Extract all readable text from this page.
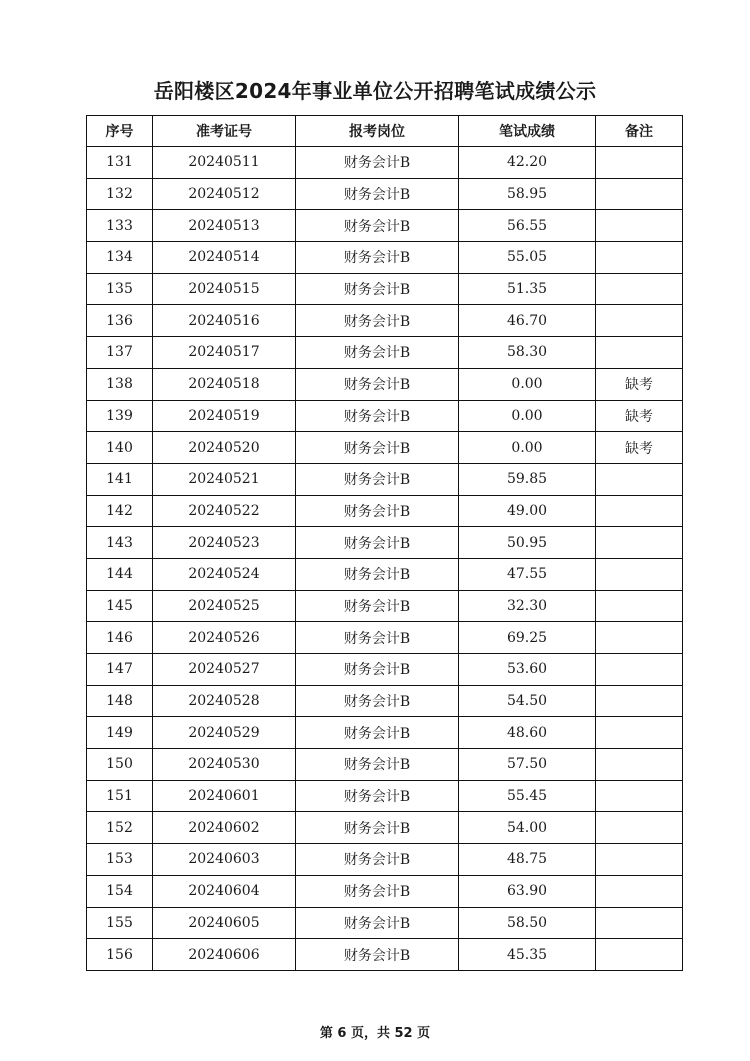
岳阳楼区2024年事业单位公开招聘笔试成绩公示
序号	准考证号	报考岗位	笔试成绩	备注
131	20240511	财务会计B	42.20	
132	20240512	财务会计B	58.95	
133	20240513	财务会计B	56.55	
134	20240514	财务会计B	55.05	
135	20240515	财务会计B	51.35	
136	20240516	财务会计B	46.70	
137	20240517	财务会计B	58.30	
138	20240518	财务会计B	0.00	缺考
139	20240519	财务会计B	0.00	缺考
140	20240520	财务会计B	0.00	缺考
141	20240521	财务会计B	59.85	
142	20240522	财务会计B	49.00	
143	20240523	财务会计B	50.95	
144	20240524	财务会计B	47.55	
145	20240525	财务会计B	32.30	
146	20240526	财务会计B	69.25	
147	20240527	财务会计B	53.60	
148	20240528	财务会计B	54.50	
149	20240529	财务会计B	48.60	
150	20240530	财务会计B	57.50	
151	20240601	财务会计B	55.45	
152	20240602	财务会计B	54.00	
153	20240603	财务会计B	48.75	
154	20240604	财务会计B	63.90	
155	20240605	财务会计B	58.50	
156	20240606	财务会计B	45.35	
第 6 页，共 52 页
